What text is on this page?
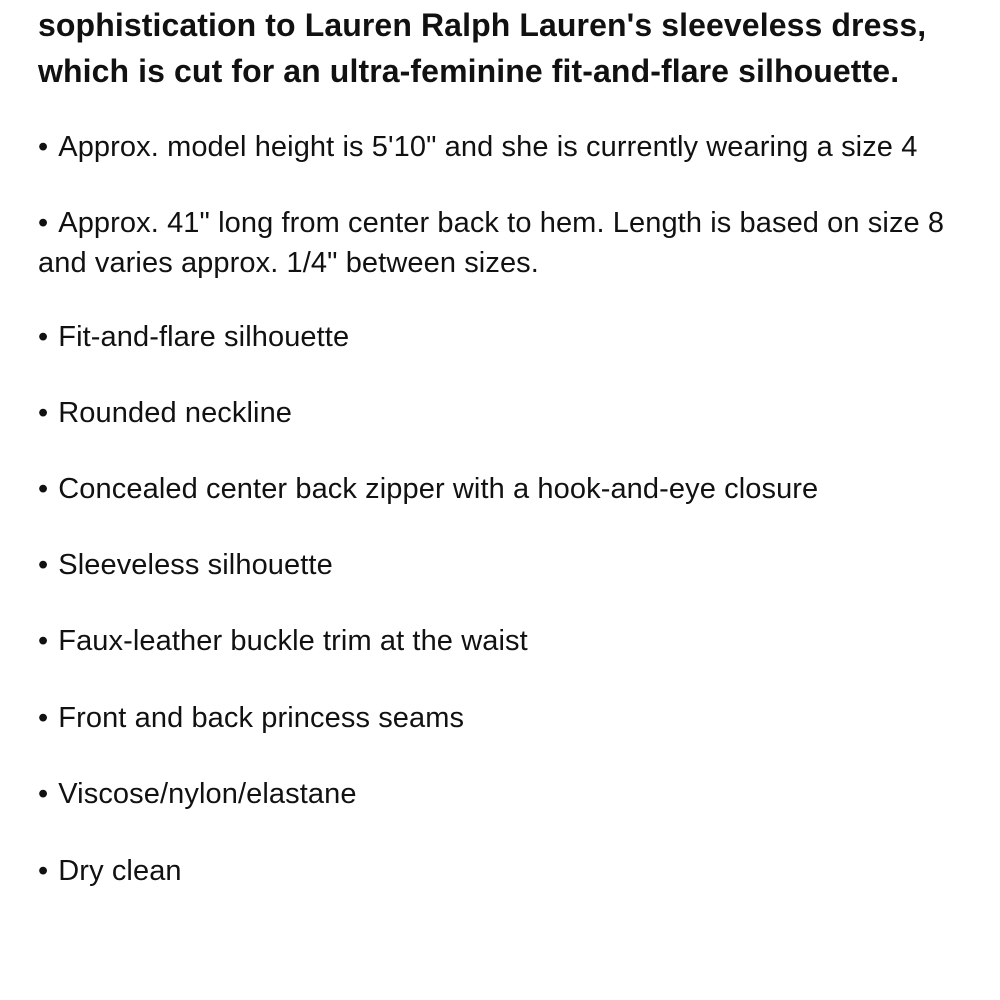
sophistication to Lauren Ralph Lauren's sleeveless dress, which is cut for an ultra-feminine fit-and-flare silhouette.

• Approx. model height is 5'10" and she is currently wearing a size 4
• Approx. 41" long from center back to hem. Length is based on size 8 and varies approx. 1/4" between sizes.
• Fit-and-flare silhouette
• Rounded neckline
• Concealed center back zipper with a hook-and-eye closure
• Sleeveless silhouette
• Faux-leather buckle trim at the waist
• Front and back princess seams
• Viscose/nylon/elastane
• Dry clean
